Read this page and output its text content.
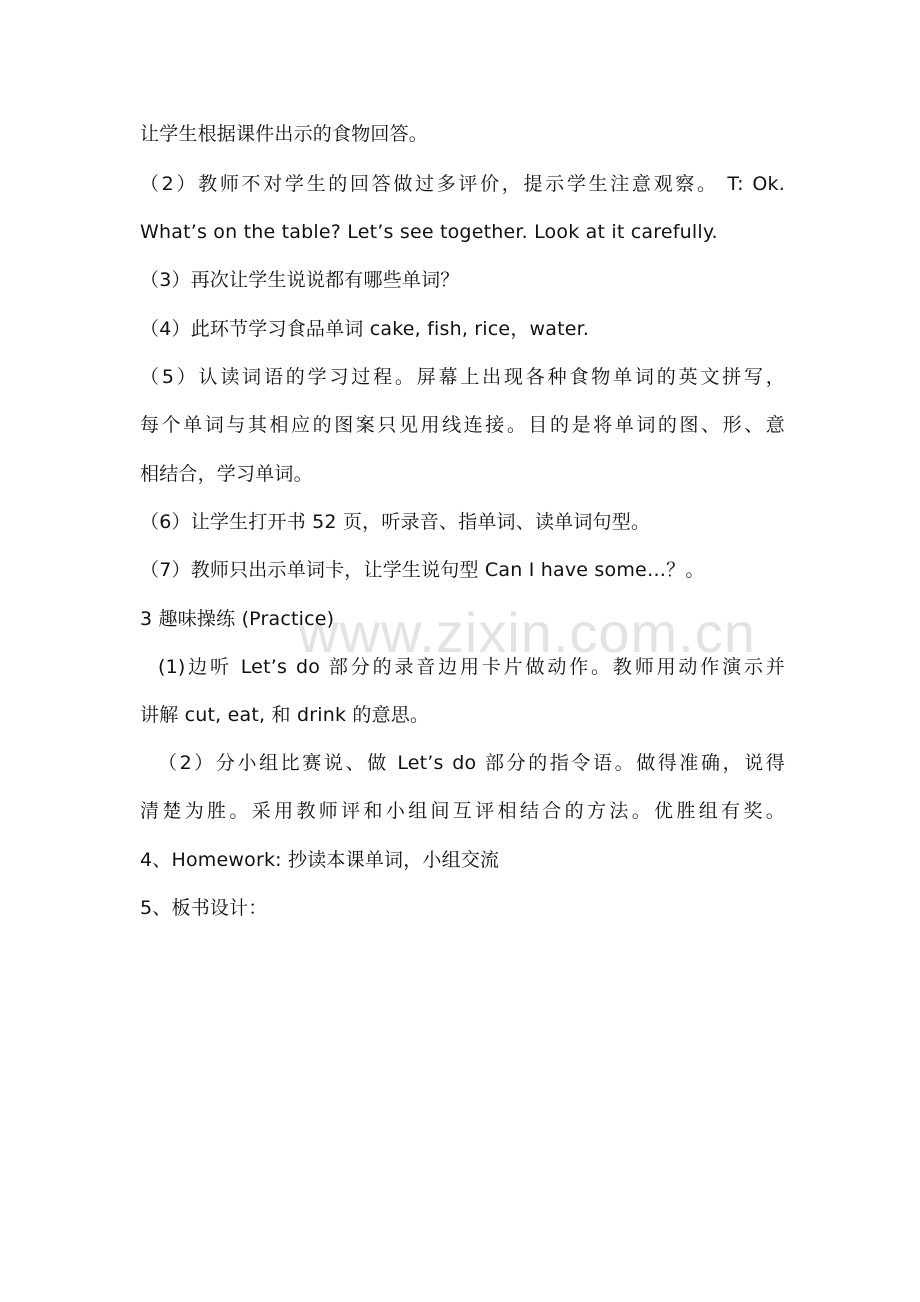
www.zixin.com.cn
让学生根据课件出示的食物回答。
（2）教师不对学生的回答做过多评价，提示学生注意观察。 T: Ok.
What’s on the table? Let’s see together. Look at it carefully.
（3）再次让学生说说都有哪些单词？
（4）此环节学习食品单词 cake, fish, rice，water.
（5）认读词语的学习过程。屏幕上出现各种食物单词的英文拼写，
每个单词与其相应的图案只见用线连接。目的是将单词的图、形、意
相结合，学习单词。
（6）让学生打开书 52 页，听录音、指单词、读单词句型。
（7）教师只出示单词卡，让学生说句型 Can I have some…？。
3 趣味操练 (Practice)
(1)边听 Let’s do 部分的录音边用卡片做动作。教师用动作演示并
讲解 cut, eat, 和 drink 的意思。
（2）分小组比赛说、做 Let’s do 部分的指令语。做得准确，说得
清楚为胜。采用教师评和小组间互评相结合的方法。优胜组有奖。
4、Homework: 抄读本课单词，小组交流
5、板书设计：
